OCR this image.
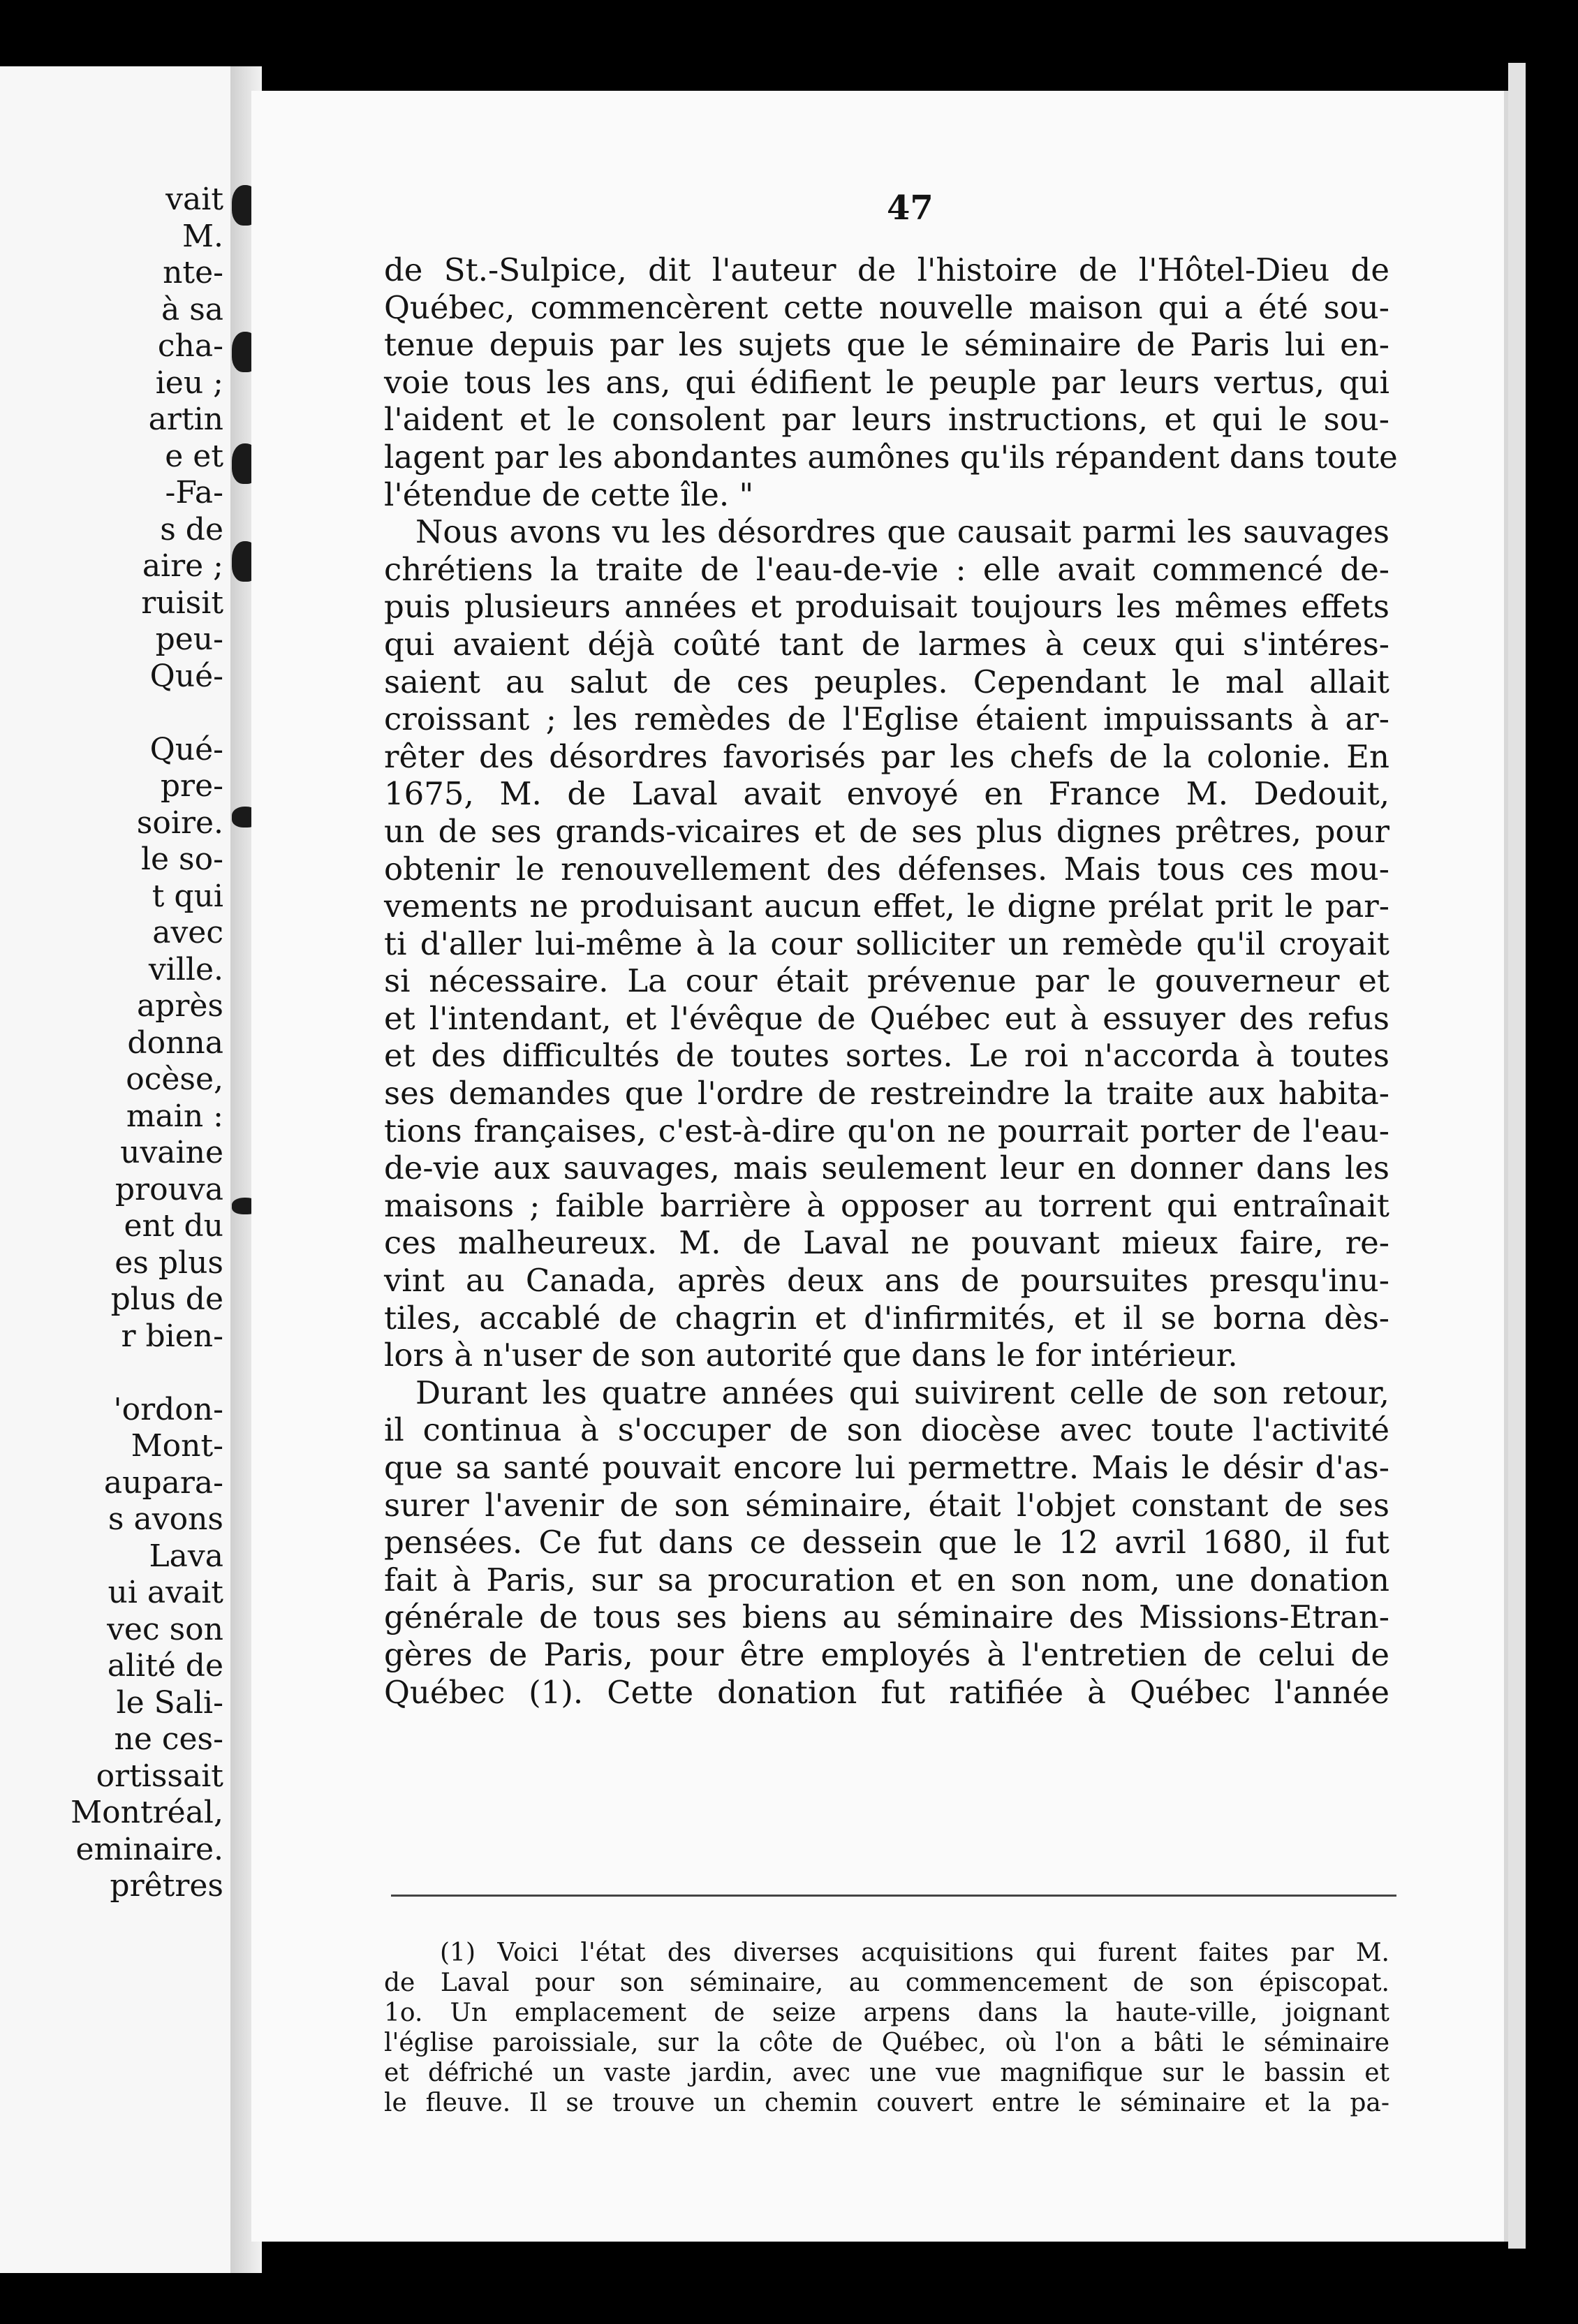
vait
M.
nte-
à sa
cha-
ieu ;
artin
e et
-Fa-
s de
aire ;
ruisit
peu-
Qué-
Qué-
pre-
soire.
le so-
t qui
avec
ville.
après
donna
ocèse,
main :
uvaine
prouva
ent du
es plus
plus de
r bien-
'ordon-
Mont-
aupara-
s avons
Lava
ui avait
vec son
alité de
le Sali-
ne ces-
ortissait
Montréal,
eminaire.
prêtres
47
de St.-Sulpice, dit l'auteur de l'histoire de l'Hôtel-Dieu de
Québec, commencèrent cette nouvelle maison qui a été sou-
tenue depuis par les sujets que le séminaire de Paris lui en-
voie tous les ans, qui édifient le peuple par leurs vertus, qui
l'aident et le consolent par leurs instructions, et qui le sou-
lagent par les abondantes aumônes qu'ils répandent dans toute
l'étendue de cette île. "
Nous avons vu les désordres que causait parmi les sauvages
chrétiens la traite de l'eau-de-vie : elle avait commencé de-
puis plusieurs années et produisait toujours les mêmes effets
qui avaient déjà coûté tant de larmes à ceux qui s'intéres-
saient au salut de ces peuples. Cependant le mal allait
croissant ; les remèdes de l'Eglise étaient impuissants à ar-
rêter des désordres favorisés par les chefs de la colonie. En
1675, M. de Laval avait envoyé en France M. Dedouit,
un de ses grands-vicaires et de ses plus dignes prêtres, pour
obtenir le renouvellement des défenses. Mais tous ces mou-
vements ne produisant aucun effet, le digne prélat prit le par-
ti d'aller lui-même à la cour solliciter un remède qu'il croyait
si nécessaire. La cour était prévenue par le gouverneur et
et l'intendant, et l'évêque de Québec eut à essuyer des refus
et des difficultés de toutes sortes. Le roi n'accorda à toutes
ses demandes que l'ordre de restreindre la traite aux habita-
tions françaises, c'est-à-dire qu'on ne pourrait porter de l'eau-
de-vie aux sauvages, mais seulement leur en donner dans les
maisons ; faible barrière à opposer au torrent qui entraînait
ces malheureux. M. de Laval ne pouvant mieux faire, re-
vint au Canada, après deux ans de poursuites presqu'inu-
tiles, accablé de chagrin et d'infirmités, et il se borna dès-
lors à n'user de son autorité que dans le for intérieur.
Durant les quatre années qui suivirent celle de son retour,
il continua à s'occuper de son diocèse avec toute l'activité
que sa santé pouvait encore lui permettre. Mais le désir d'as-
surer l'avenir de son séminaire, était l'objet constant de ses
pensées. Ce fut dans ce dessein que le 12 avril 1680, il fut
fait à Paris, sur sa procuration et en son nom, une donation
générale de tous ses biens au séminaire des Missions-Etran-
gères de Paris, pour être employés à l'entretien de celui de
Québec (1). Cette donation fut ratifiée à Québec l'année
(1) Voici l'état des diverses acquisitions qui furent faites par M.
de Laval pour son séminaire, au commencement de son épiscopat.
1o. Un emplacement de seize arpens dans la haute-ville, joignant
l'église paroissiale, sur la côte de Québec, où l'on a bâti le séminaire
et défriché un vaste jardin, avec une vue magnifique sur le bassin et
le fleuve. Il se trouve un chemin couvert entre le séminaire et la pa-
